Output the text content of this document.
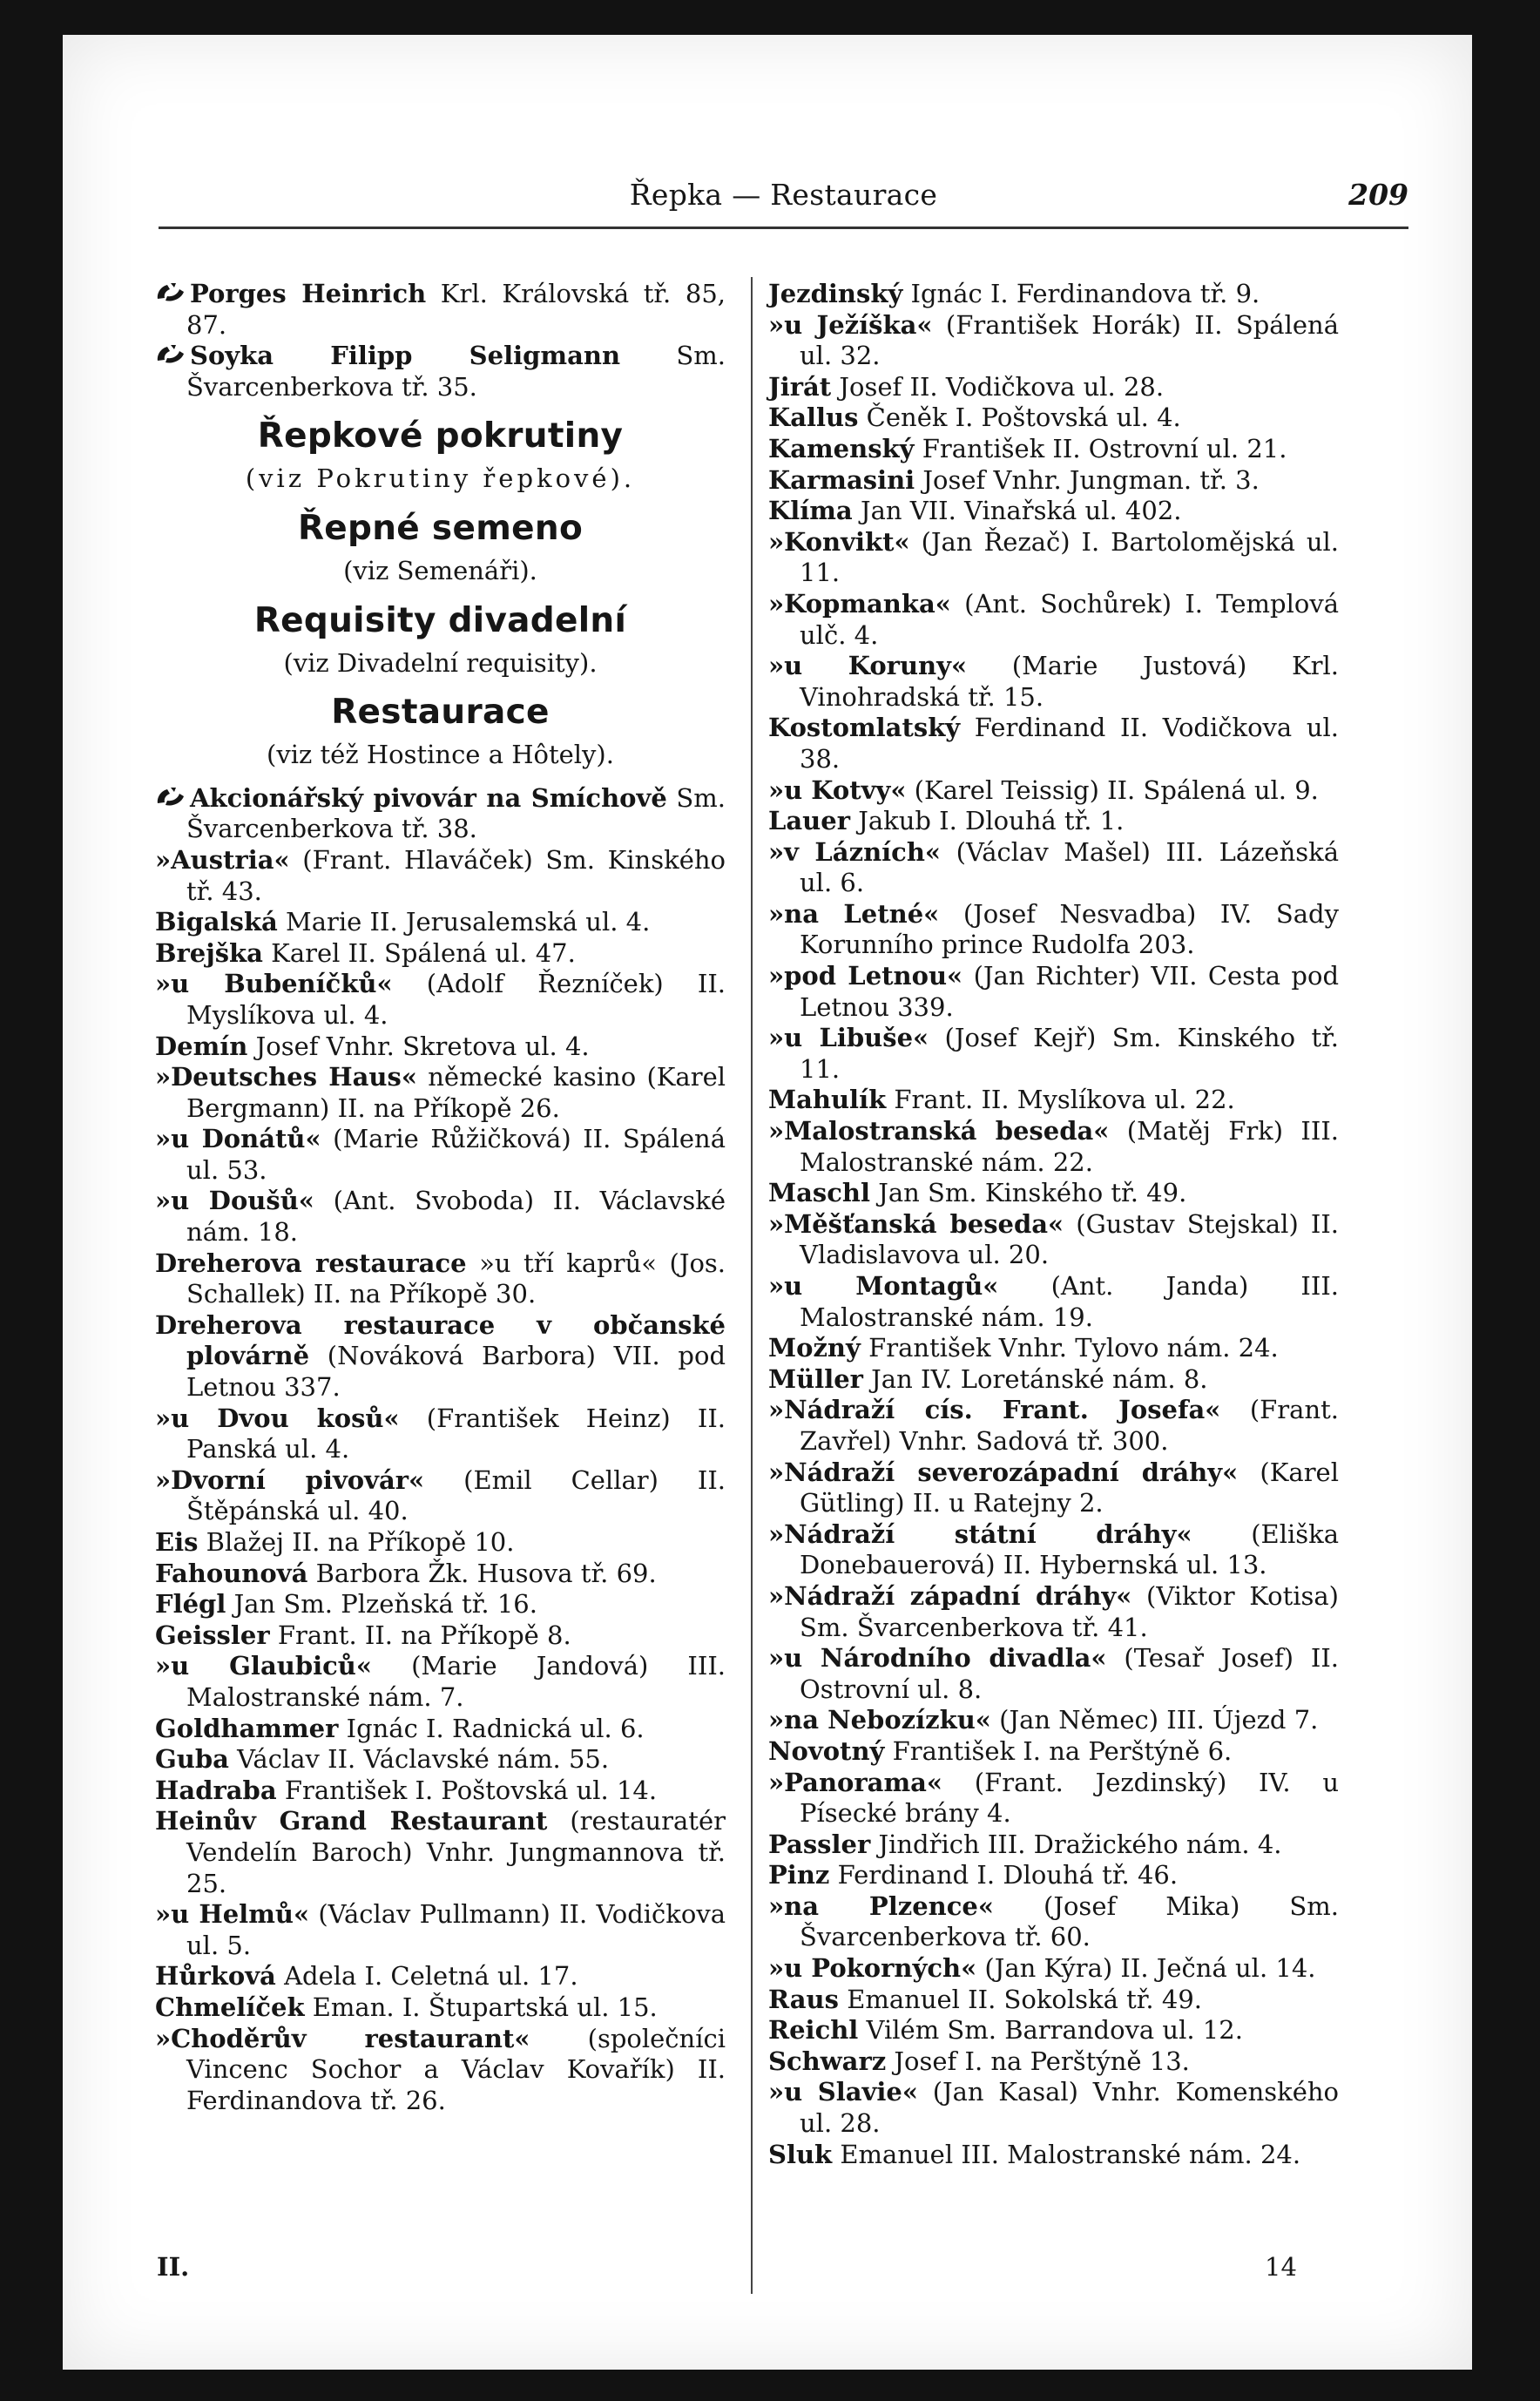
Řepka — Restaurace	209

Porges Heinrich Krl. Královská tř. 85, 87.

Soyka Filipp Seligmann Sm. Švarcenberkova tř. 35.

Řepkové pokrutiny
(viz Pokrutiny řepkové).
Řepné semeno
(viz Semenáři).
Requisity divadelní
(viz Divadelní requisity).
Restaurace
(viz též Hostince a Hôtely).

Akcionářský pivovár na Smíchově Sm. Švarcenberkova tř. 38.

»Austria« (Frant. Hlaváček) Sm. Kinského tř. 43.

Bigalská Marie II. Jerusalemská ul. 4.

Brejška Karel II. Spálená ul. 47.

»u Bubeníčků« (Adolf Řezníček) II. Myslíkova ul. 4.

Demín Josef Vnhr. Skretova ul. 4.

»Deutsches Haus« německé kasino (Karel Bergmann) II. na Příkopě 26.

»u Donátů« (Marie Růžičková) II. Spálená ul. 53.

»u Doušů« (Ant. Svoboda) II. Václavské nám. 18.

Dreherova restaurace »u tří kaprů« (Jos. Schallek) II. na Příkopě 30.

Dreherova restaurace v občanské plovárně (Nováková Barbora) VII. pod Letnou 337.

»u Dvou kosů« (František Heinz) II. Panská ul. 4.

»Dvorní pivovár« (Emil Cellar) II. Štěpánská ul. 40.

Eis Blažej II. na Příkopě 10.

Fahounová Barbora Žk. Husova tř. 69.

Flégl Jan Sm. Plzeňská tř. 16.

Geissler Frant. II. na Příkopě 8.

»u Glaubiců« (Marie Jandová) III. Malostranské nám. 7.

Goldhammer Ignác I. Radnická ul. 6.

Guba Václav II. Václavské nám. 55.

Hadraba František I. Poštovská ul. 14.

Heinův Grand Restaurant (restauratér Vendelín Baroch) Vnhr. Jungmannova tř. 25.

»u Helmů« (Václav Pullmann) II. Vodičkova ul. 5.

Hůrková Adela I. Celetná ul. 17.

Chmelíček Eman. I. Štupartská ul. 15.

»Choděrův restaurant« (společníci Vincenc Sochor a Václav Kovařík) II. Ferdinandova tř. 26.

Jezdinský Ignác I. Ferdinandova tř. 9.

»u Ježíška« (František Horák) II. Spálená ul. 32.

Jirát Josef II. Vodičkova ul. 28.

Kallus Čeněk I. Poštovská ul. 4.

Kamenský František II. Ostrovní ul. 21.

Karmasini Josef Vnhr. Jungman. tř. 3.

Klíma Jan VII. Vinařská ul. 402.

»Konvikt« (Jan Řezač) I. Bartolomějská ul. 11.

»Kopmanka« (Ant. Sochůrek) I. Templová ulč. 4.

»u Koruny« (Marie Justová) Krl. Vinohradská tř. 15.

Kostomlatský Ferdinand II. Vodičkova ul. 38.

»u Kotvy« (Karel Teissig) II. Spálená ul. 9.

Lauer Jakub I. Dlouhá tř. 1.

»v Lázních« (Václav Mašel) III. Lázeňská ul. 6.

»na Letné« (Josef Nesvadba) IV. Sady Korunního prince Rudolfa 203.

»pod Letnou« (Jan Richter) VII. Cesta pod Letnou 339.

»u Libuše« (Josef Kejř) Sm. Kinského tř. 11.

Mahulík Frant. II. Myslíkova ul. 22.

»Malostranská beseda« (Matěj Frk) III. Malostranské nám. 22.

Maschl Jan Sm. Kinského tř. 49.

»Měšťanská beseda« (Gustav Stejskal) II. Vladislavova ul. 20.

»u Montagů« (Ant. Janda) III. Malostranské nám. 19.

Možný František Vnhr. Tylovo nám. 24.

Müller Jan IV. Loretánské nám. 8.

»Nádraží cís. Frant. Josefa« (Frant. Zavřel) Vnhr. Sadová tř. 300.

»Nádraží severozápadní dráhy« (Karel Gütling) II. u Ratejny 2.

»Nádraží státní dráhy« (Eliška Donebauerová) II. Hybernská ul. 13.

»Nádraží západní dráhy« (Viktor Kotisa) Sm. Švarcenberkova tř. 41.

»u Národního divadla« (Tesař Josef) II. Ostrovní ul. 8.

»na Nebozízku« (Jan Němec) III. Újezd 7.

Novotný František I. na Perštýně 6.

»Panorama« (Frant. Jezdinský) IV. u Písecké brány 4.

Passler Jindřich III. Dražického nám. 4.

Pinz Ferdinand I. Dlouhá tř. 46.

»na Plzence« (Josef Mika) Sm. Švarcenberkova tř. 60.

»u Pokorných« (Jan Kýra) II. Ječná ul. 14.

Raus Emanuel II. Sokolská tř. 49.

Reichl Vilém Sm. Barrandova ul. 12.

Schwarz Josef I. na Perštýně 13.

»u Slavie« (Jan Kasal) Vnhr. Komenského ul. 28.

Sluk Emanuel III. Malostranské nám. 24.

II.	14
